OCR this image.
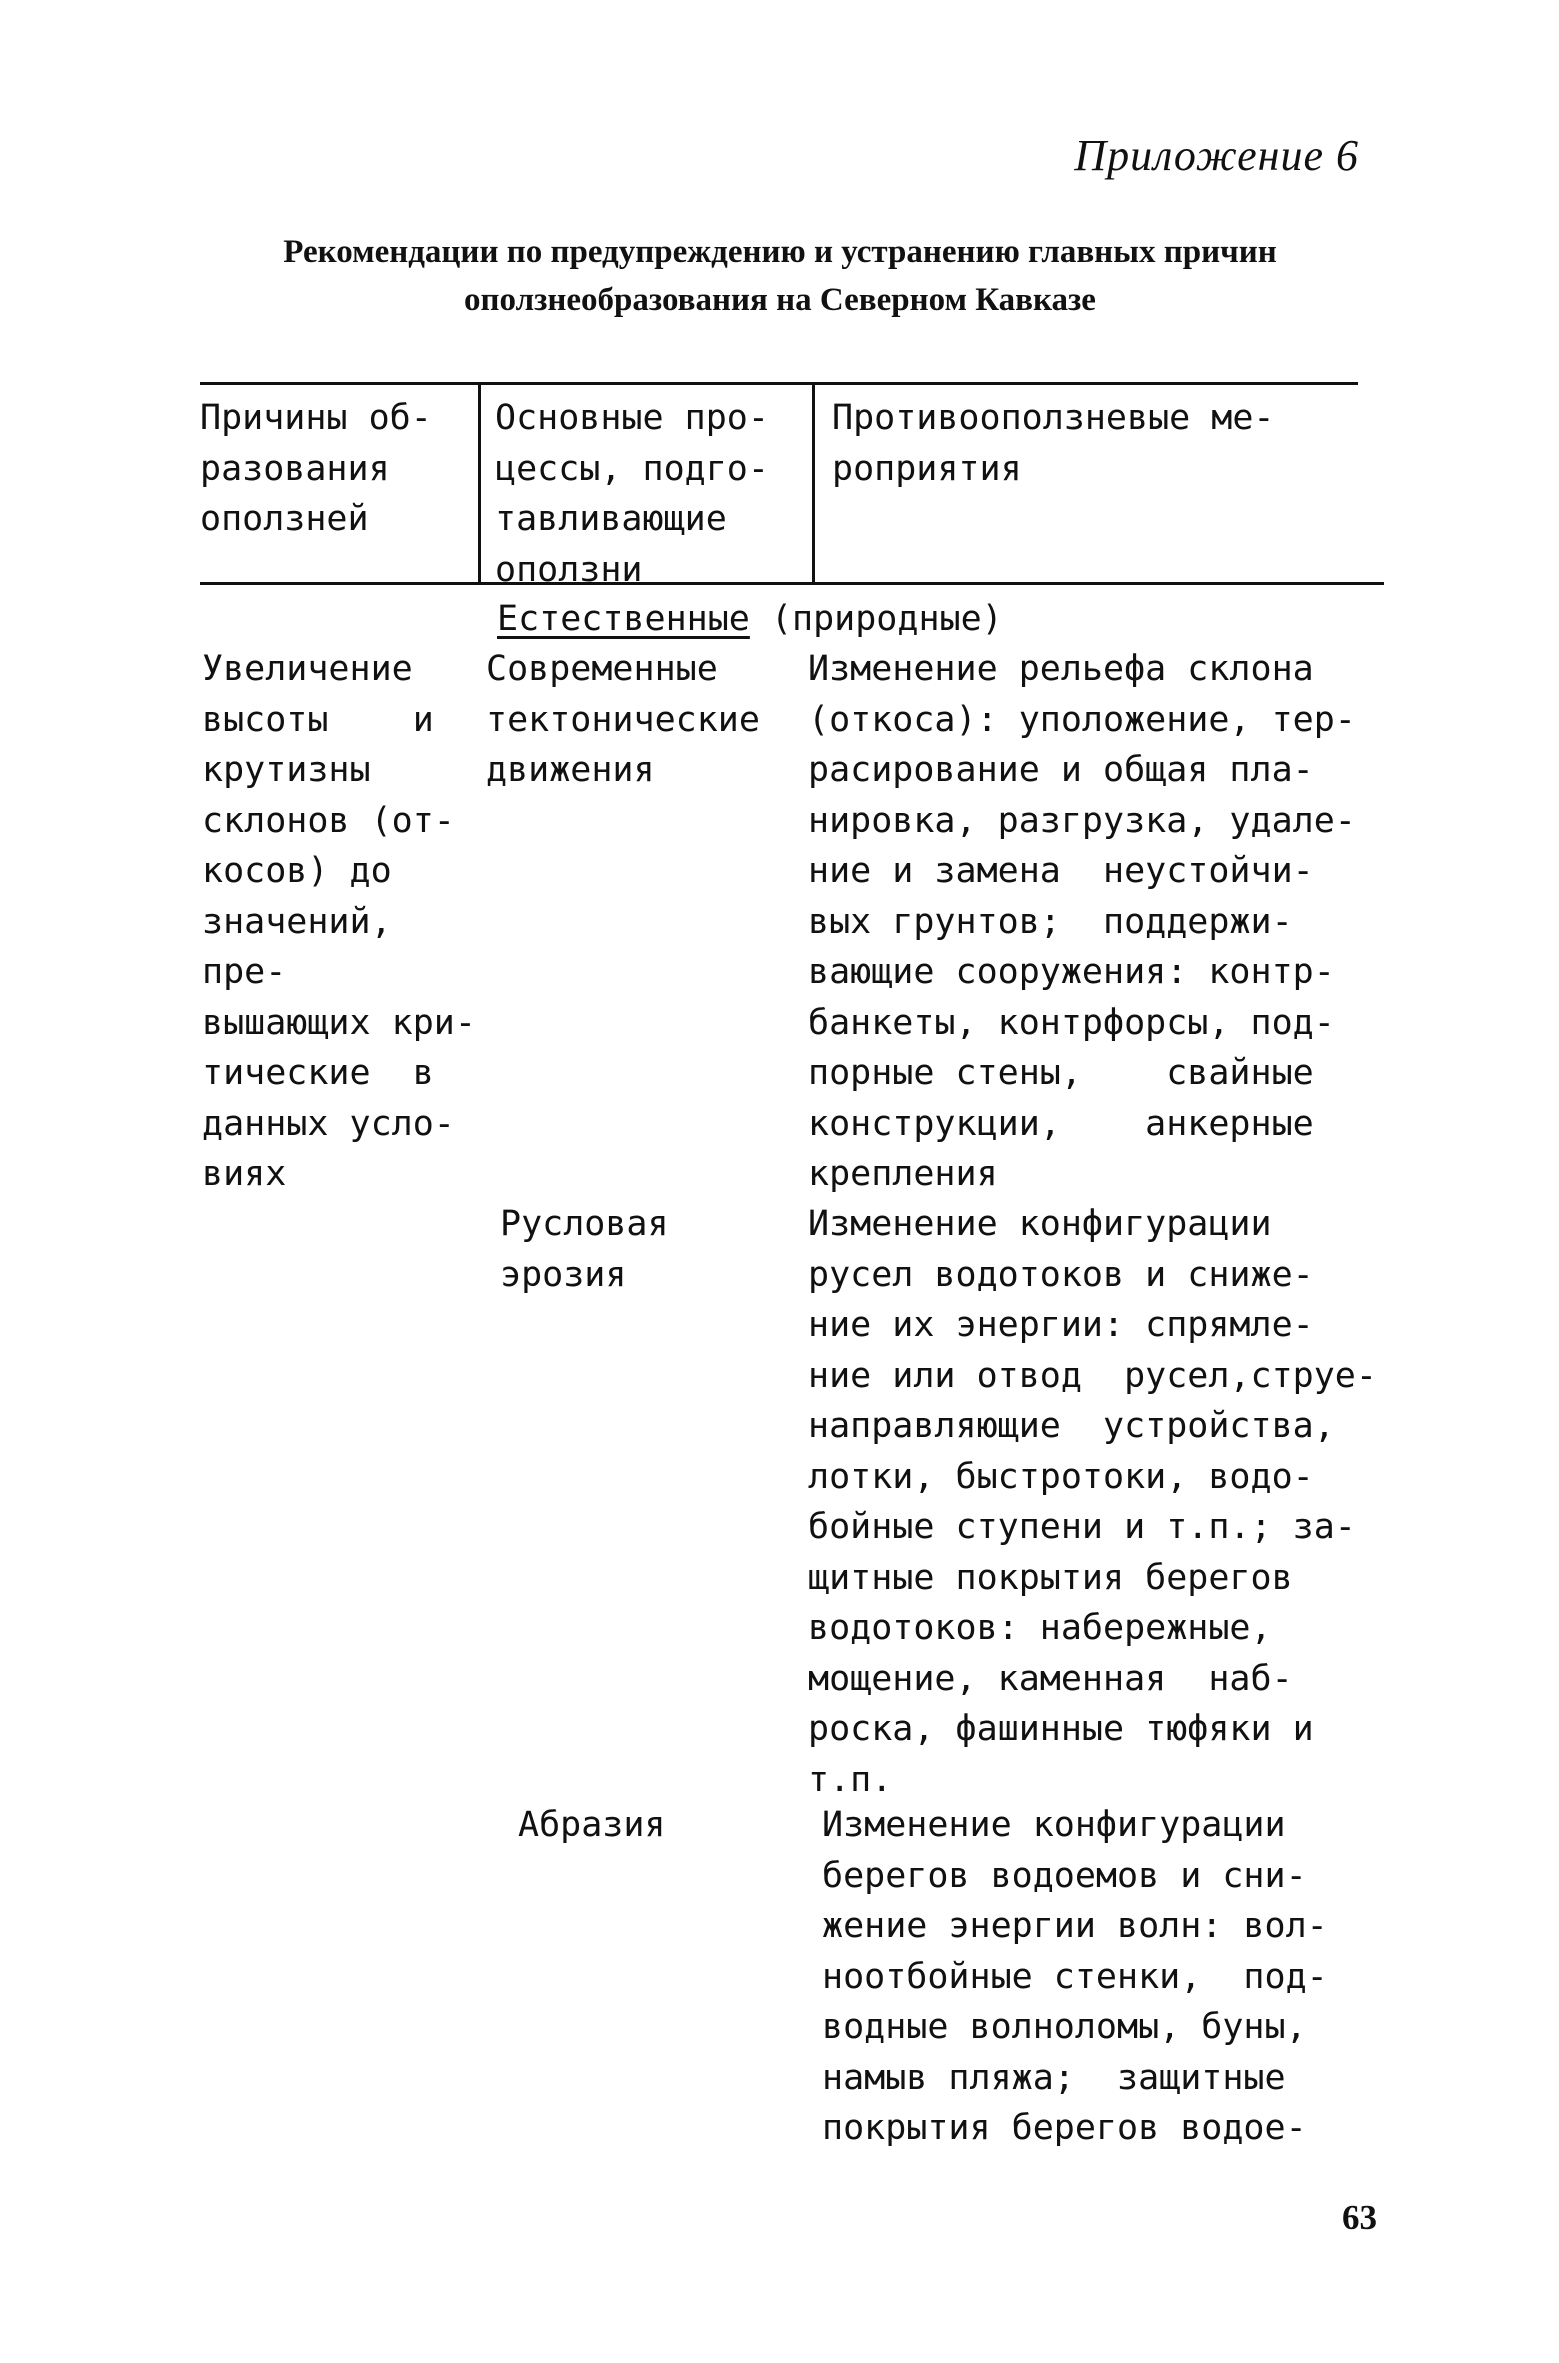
Приложение 6
Рекомендации по предупреждению и устранению главных причин
оползнеобразования на Северном Кавказе
Причины об-
разования
оползней
Основные про-
цессы, подго-
тавливающие
оползни
Противооползневые ме-
роприятия
Естественные (природные)
Увеличение
высоты    и
крутизны
склонов (от-
косов) до
значений, пре-
вышающих кри-
тические  в
данных усло-
виях
Современные
тектонические
движения
Изменение рельефа склона
(откоса): уположение, тер-
расирование и общая пла-
нировка, разгрузка, удале-
ние и замена  неустойчи-
вых грунтов;  поддержи-
вающие сооружения: контр-
банкеты, контрфорсы, под-
порные стены,    свайные
конструкции,    анкерные
крепления
Русловая
эрозия
Изменение конфигурации
русел водотоков и сниже-
ние их энергии: спрямле-
ние или отвод  русел,струе-
направляющие  устройства,
лотки, быстротоки, водо-
бойные ступени и т.п.; за-
щитные покрытия берегов
водотоков: набережные,
мощение, каменная  наб-
роска, фашинные тюфяки и
т.п.
Абразия	Изменение конфигурации
берегов водоемов и сни-
жение энергии волн: вол-
ноотбойные стенки,  под-
водные волноломы, буны,
намыв пляжа;  защитные
покрытия берегов водое-
63
